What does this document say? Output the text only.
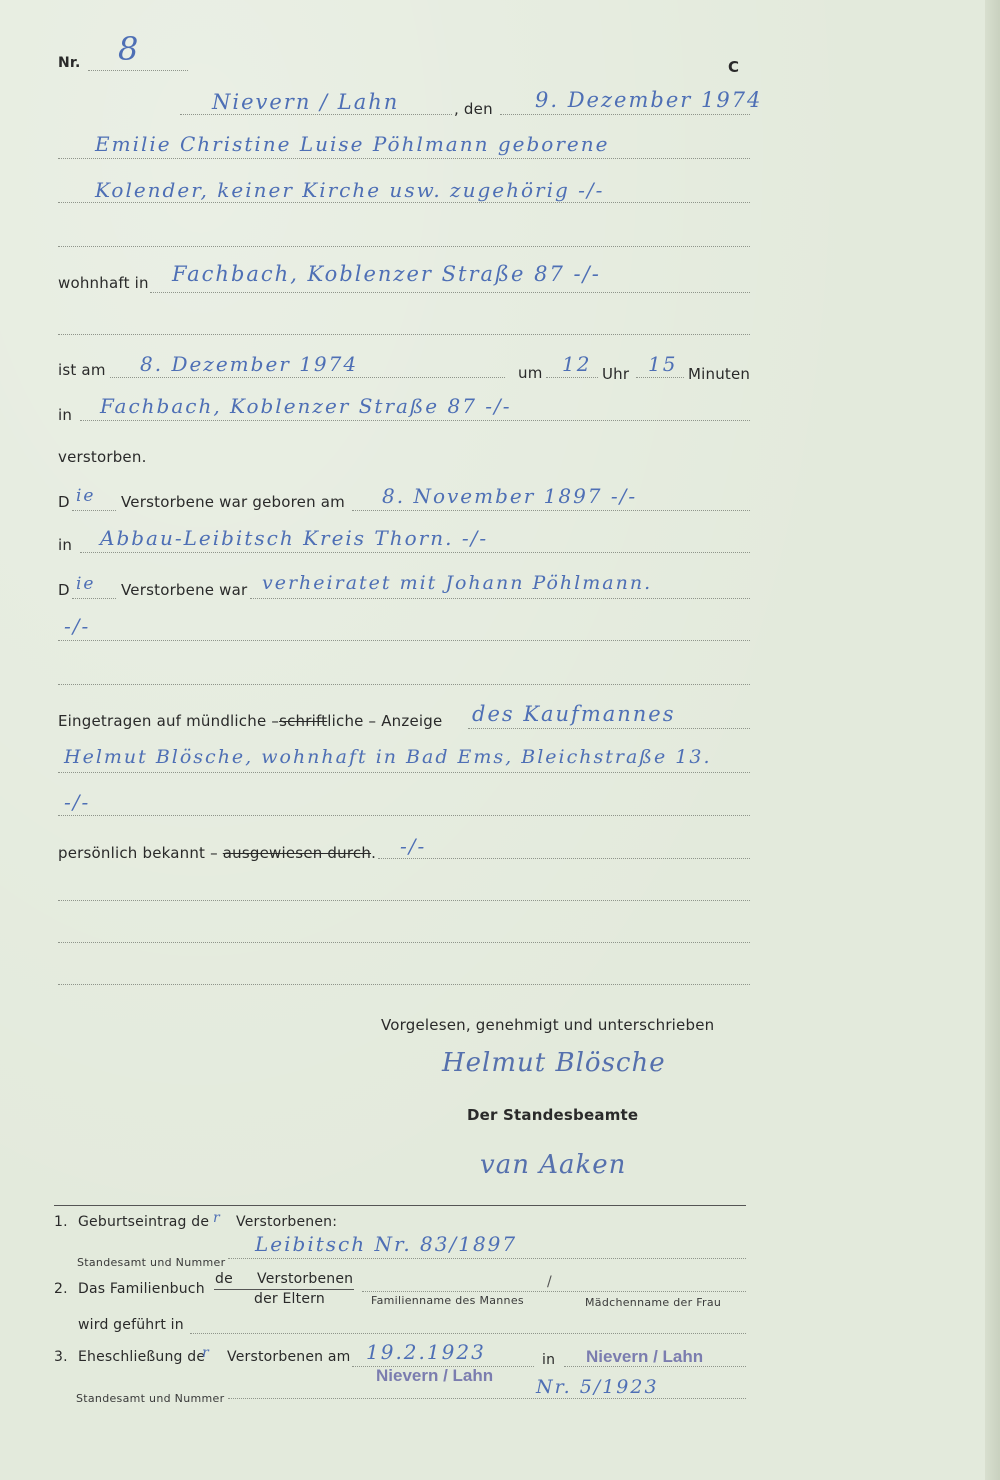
Nr. 8	C
Nievern / Lahn	, den 9. Dezember 1974
Emilie Christine Luise Pöhlmann geborene
Kolender, keiner Kirche usw. zugehörig -/-
wohnhaft in Fachbach, Koblenzer Straße 87 -/-
ist am 8. Dezember 1974	um 12 Uhr 15 Minuten
in Fachbach, Koblenzer Straße 87 -/-
verstorben.
D ie Verstorbene war geboren am 8. November 1897 -/-
in Abbau-Leibitsch Kreis Thorn. -/-
D ie Verstorbene war verheiratet mit Johann Pöhlmann.
-/-
Eingetragen auf mündliche –schriftliche – Anzeige des Kaufmannes
Helmut Blösche, wohnhaft in Bad Ems, Bleichstraße 13.
-/-
persönlich bekannt – ausgewiesen durch. -/-
Vorgelesen, genehmigt und unterschrieben
Helmut Blösche
Der Standesbeamte
van Aaken
1. Geburtseintrag de r Verstorbenen:
Leibitsch Nr. 83/1897
Standesamt und Nummer
2. Das Familienbuch
de Verstorbenen
der Eltern	Familienname des Mannes
/
Mädchenname der Frau
wird geführt in
3. Eheschließung de
r Verstorbenen am 19.2.1923	in Nievern / Lahn
Nievern / Lahn
Nr. 5/1923
Standesamt und Nummer
